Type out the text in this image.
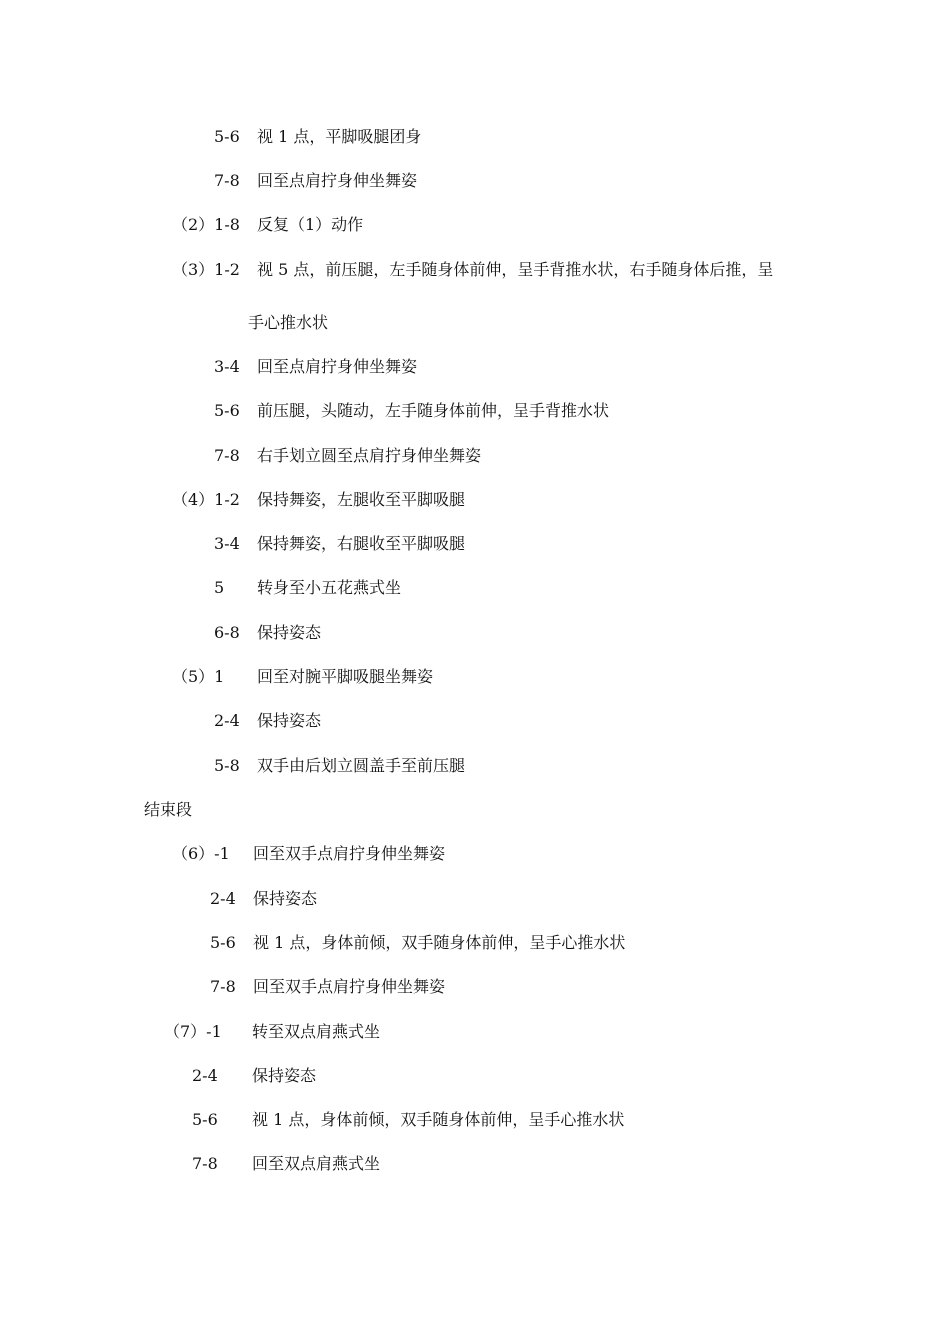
5-6 视 1 点，平脚吸腿团身
7-8 回至点肩拧身伸坐舞姿
（2）1-8 反复（1）动作
（3）1-2 视 5 点，前压腿，左手随身体前伸，呈手背推水状，右手随身体后推，呈
手心推水状
3-4 回至点肩拧身伸坐舞姿
5-6 前压腿，头随动，左手随身体前伸，呈手背推水状
7-8 右手划立圆至点肩拧身伸坐舞姿
（4）1-2 保持舞姿，左腿收至平脚吸腿
3-4 保持舞姿，右腿收至平脚吸腿
5 转身至小五花燕式坐
6-8 保持姿态
（5）1 回至对腕平脚吸腿坐舞姿
2-4 保持姿态
5-8 双手由后划立圆盖手至前压腿
结束段
（6）-1 回至双手点肩拧身伸坐舞姿
2-4 保持姿态
5-6 视 1 点，身体前倾，双手随身体前伸，呈手心推水状
7-8 回至双手点肩拧身伸坐舞姿
（7）-1 转至双点肩燕式坐
2-4 保持姿态
5-6 视 1 点，身体前倾，双手随身体前伸，呈手心推水状
7-8 回至双点肩燕式坐
